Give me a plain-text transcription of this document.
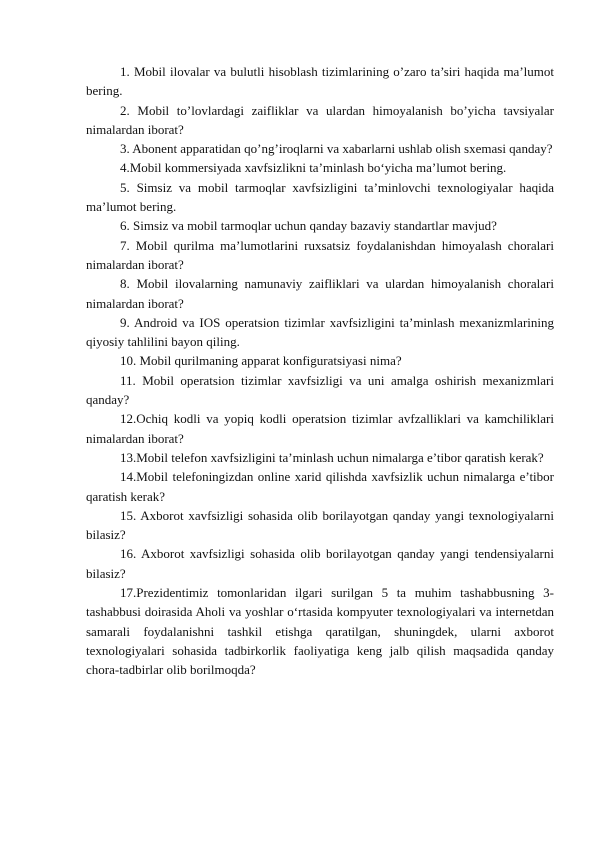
1. Mobil ilovalar va bulutli hisoblash tizimlarining o’zaro ta’siri haqida ma’lumot bering.

2. Mobil to’lovlardagi zaifliklar va ulardan himoyalanish bo’yicha tavsiyalar nimalardan iborat?

3. Abonent apparatidan qo’ng’iroqlarni va xabarlarni ushlab olish sxemasi qanday?

4.Mobil kommersiyada xavfsizlikni ta’minlash bo‘yicha ma’lumot bering.

5. Simsiz va mobil tarmoqlar xavfsizligini ta’minlovchi texnologiyalar haqida ma’lumot bering.

6. Simsiz va mobil tarmoqlar uchun qanday bazaviy standartlar mavjud?

7. Mobil qurilma ma’lumotlarini ruxsatsiz foydalanishdan himoyalash choralari nimalardan iborat?

8. Mobil ilovalarning namunaviy zaifliklari va ulardan himoyalanish choralari nimalardan iborat?

9. Android va IOS operatsion tizimlar xavfsizligini ta’minlash mexanizmlarining qiyosiy tahlilini bayon qiling.

10. Mobil qurilmaning apparat konfiguratsiyasi nima?

11. Mobil operatsion tizimlar xavfsizligi va uni amalga oshirish mexanizmlari qanday?

12.Ochiq kodli va yopiq kodli operatsion tizimlar avfzalliklari va kamchiliklari nimalardan iborat?

13.Mobil telefon xavfsizligini ta’minlash uchun nimalarga e’tibor qaratish kerak?

14.Mobil telefoningizdan online xarid qilishda xavfsizlik uchun nimalarga e’tibor qaratish kerak?

15. Axborot xavfsizligi sohasida olib borilayotgan qanday yangi texnologiyalarni bilasiz?

16. Axborot xavfsizligi sohasida olib borilayotgan qanday yangi tendensiyalarni bilasiz?

17.Prezidentimiz tomonlaridan ilgari surilgan 5 ta muhim tashabbusning 3-tashabbusi doirasida Aholi va yoshlar o‘rtasida kompyuter texnologiyalari va internetdan samarali foydalanishni tashkil etishga qaratilgan, shuningdek, ularni axborot texnologiyalari sohasida tadbirkorlik faoliyatiga keng jalb qilish maqsadida qanday chora-tadbirlar olib borilmoqda?
